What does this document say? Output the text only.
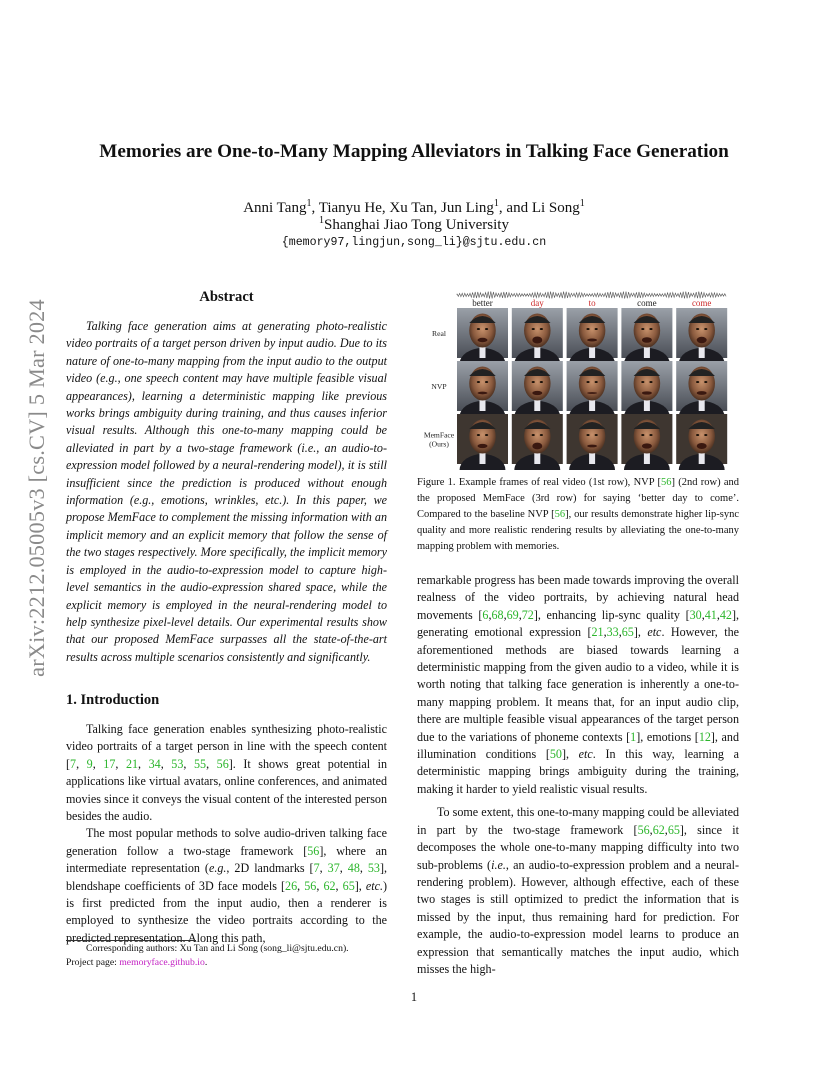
Memories are One-to-Many Mapping Alleviators in Talking Face Generation
Anni Tang$^1$, Tianyu He, Xu Tan, Jun Ling$^1$, and Li Song$^1$
$^1$Shanghai Jiao Tong University
{memory97,lingjun,song_li}@sjtu.edu.cn
arXiv:2212.05005v3 [cs.CV] 5 Mar 2024
Abstract

Talking face generation aims at generating photo-realistic video portraits of a target person driven by input audio. Due to its nature of one-to-many mapping from the input audio to the output video (e.g., one speech content may have multiple feasible visual appearances), learning a deterministic mapping like previous works brings ambiguity during training, and thus causes inferior visual results. Although this one-to-many mapping could be alleviated in part by a two-stage framework (i.e., an audio-to-expression model followed by a neural-rendering model), it is still insufficient since the prediction is produced without enough information (e.g., emotions, wrinkles, etc.). In this paper, we propose MemFace to complement the missing information with an implicit memory and an explicit memory that follow the sense of the two stages respectively. More specifically, the implicit memory is employed in the audio-to-expression model to capture high-level semantics in the audio-expression shared space, while the explicit memory is employed in the neural-rendering model to help synthesize pixel-level details. Our experimental results show that our proposed MemFace surpasses all the state-of-the-art results across multiple scenarios consistently and significantly.

1. Introduction

Talking face generation enables synthesizing photo-realistic video portraits of a target person in line with the speech content [7, 9, 17, 21, 34, 53, 55, 56]. It shows great potential in applications like virtual avatars, online conferences, and animated movies since it conveys the visual content of the interested person besides the audio.

The most popular methods to solve audio-driven talking face generation follow a two-stage framework [56], where an intermediate representation (e.g., 2D landmarks [7, 37, 48, 53], blendshape coefficients of 3D face models [26, 56, 62, 65], etc.) is first predicted from the input audio, then a renderer is employed to synthesize the video portraits according to the predicted representation. Along this path,

Corresponding authors: Xu Tan and Li Song (song_li@sjtu.edu.cn).
Project page: memoryface.github.io.
better	day	to	come	come
Real
NVP
MemFace
(Ours)
Figure 1. Example frames of real video (1st row), NVP [56] (2nd row) and the proposed MemFace (3rd row) for saying ‘better day to come’. Compared to the baseline NVP [56], our results demonstrate higher lip-sync quality and more realistic rendering results by alleviating the one-to-many mapping problem with memories.

remarkable progress has been made towards improving the overall realness of the video portraits, by achieving natural head movements [6,68,69,72], enhancing lip-sync quality [30,41,42], generating emotional expression [21,33,65], etc. However, the aforementioned methods are biased towards learning a deterministic mapping from the given audio to a video, while it is worth noting that talking face generation is inherently a one-to-many mapping problem. It means that, for an input audio clip, there are multiple feasible visual appearances of the target person due to the variations of phoneme contexts [1], emotions [12], and illumination conditions [50], etc. In this way, learning a deterministic mapping brings ambiguity during the training, making it harder to yield realistic visual results.

To some extent, this one-to-many mapping could be alleviated in part by the two-stage framework [56,62,65], since it decomposes the whole one-to-many mapping difficulty into two sub-problems (i.e., an audio-to-expression problem and a neural-rendering problem). However, although effective, each of these two stages is still optimized to predict the information that is missed by the input, thus remaining hard for prediction. For example, the audio-to-expression model learns to produce an expression that semantically matches the input audio, which misses the high-

1
